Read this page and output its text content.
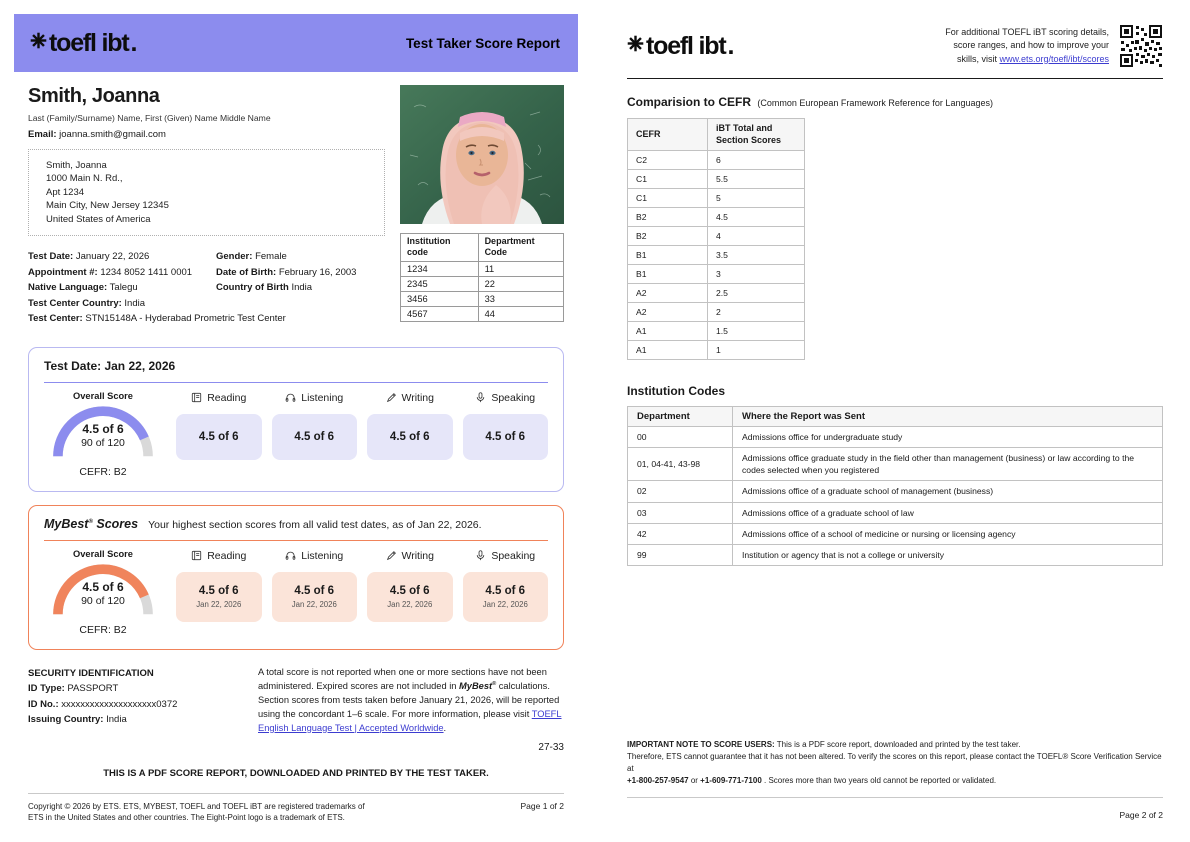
toefl ibt .	Test Taker Score Report
Smith, Joanna
Last (Family/Surname) Name, First (Given) Name Middle Name
Email: joanna.smith@gmail.com
Smith, Joanna
1000 Main N. Rd.,
Apt 1234
Main City, New Jersey 12345
United States of America
Test Date: January 22, 2026
Appointment #: 1234 8052 1411 0001
Native Language: Talegu
Gender: Female
Date of Birth: February 16, 2003
Country of Birth India
Test Center Country: India
Test Center: STN15148A - Hyderabad Prometric Test Center
Institution code	Department Code
1234	11
2345	22
3456	33
4567	44
Test Date: Jan 22, 2026
Overall Score
4.5 of 6
90 of 120
CEFR: B2
Reading
4.5 of 6
Listening
4.5 of 6
Writing
4.5 of 6
Speaking
4.5 of 6
MyBest® Scores Your highest section scores from all valid test dates, as of Jan 22, 2026.
Overall Score
4.5 of 6
90 of 120
CEFR: B2
Reading
4.5 of 6
Jan 22, 2026
Listening
4.5 of 6
Jan 22, 2026
Writing
4.5 of 6
Jan 22, 2026
Speaking
4.5 of 6
Jan 22, 2026
SECURITY IDENTIFICATION
ID Type: PASSPORT
ID No.: xxxxxxxxxxxxxxxxxxxx0372
Issuing Country: India
A total score is not reported when one or more sections have not been administered. Expired scores are not included in MyBest® calculations. Section scores from tests taken before January 21, 2026, will be reported using the concordant 1–6 scale. For more information, please visit TOEFL English Language Test | Accepted Worldwide.
27-33
THIS IS A PDF SCORE REPORT, DOWNLOADED AND PRINTED BY THE TEST TAKER.
Copyright © 2026 by ETS. ETS, MYBEST, TOEFL and TOEFL iBT are registered trademarks of
ETS in the United States and other countries. The Eight-Point logo is a trademark of ETS.
Page 1 of 2
toefl ibt .	For additional TOEFL iBT scoring details,
score ranges, and how to improve your
skills, visit www.ets.org/toefl/ibt/scores
Comparision to CEFR (Common European Framework Reference for Languages)
CEFR	iBT Total and Section Scores
C2	6
C1	5.5
C1	5
B2	4.5
B2	4
B1	3.5
B1	3
A2	2.5
A2	2
A1	1.5
A1	1
Institution Codes
Department	Where the Report was Sent
00	Admissions office for undergraduate study
01, 04-41, 43-98	Admissions office graduate study in the field other than management (business) or law according to the codes selected when you registered
02	Admissions office of a graduate school of management (business)
03	Admissions office of a graduate school of law
42	Admissions office of a school of medicine or nursing or licensing agency
99	Institution or agency that is not a college or university
IMPORTANT NOTE TO SCORE USERS: This is a PDF score report, downloaded and printed by the test taker.
Therefore, ETS cannot guarantee that it has not been altered. To verify the scores on this report, please contact the TOEFL® Score Verification Service at
+1-800-257-9547 or +1-609-771-7100 . Scores more than two years old cannot be reported or validated.
Page 2 of 2
